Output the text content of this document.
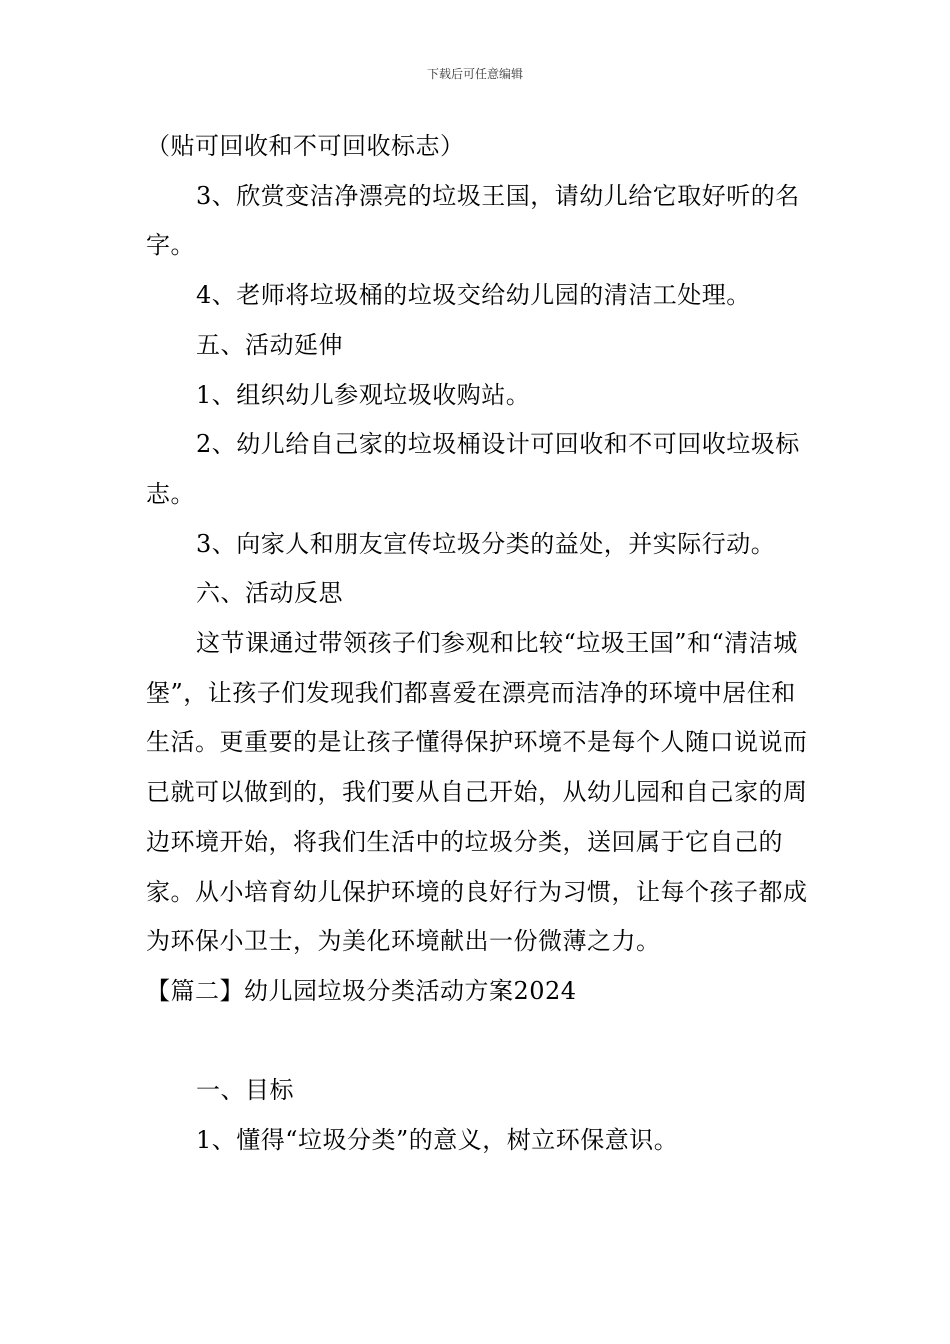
下载后可任意编辑

（贴可回收和不可回收标志）

3、欣赏变洁净漂亮的垃圾王国，请幼儿给它取好听的名字。

4、老师将垃圾桶的垃圾交给幼儿园的清洁工处理。

五、活动延伸

1、组织幼儿参观垃圾收购站。

2、幼儿给自己家的垃圾桶设计可回收和不可回收垃圾标志。

3、向家人和朋友宣传垃圾分类的益处，并实际行动。

六、活动反思

这节课通过带领孩子们参观和比较“垃圾王国”和“清洁城堡”，让孩子们发现我们都喜爱在漂亮而洁净的环境中居住和生活。更重要的是让孩子懂得保护环境不是每个人随口说说而已就可以做到的，我们要从自己开始，从幼儿园和自己家的周边环境开始，将我们生活中的垃圾分类，送回属于它自己的家。从小培育幼儿保护环境的良好行为习惯，让每个孩子都成为环保小卫士，为美化环境献出一份微薄之力。

【篇二】幼儿园垃圾分类活动方案2024

一、目标

1、懂得“垃圾分类”的意义，树立环保意识。
